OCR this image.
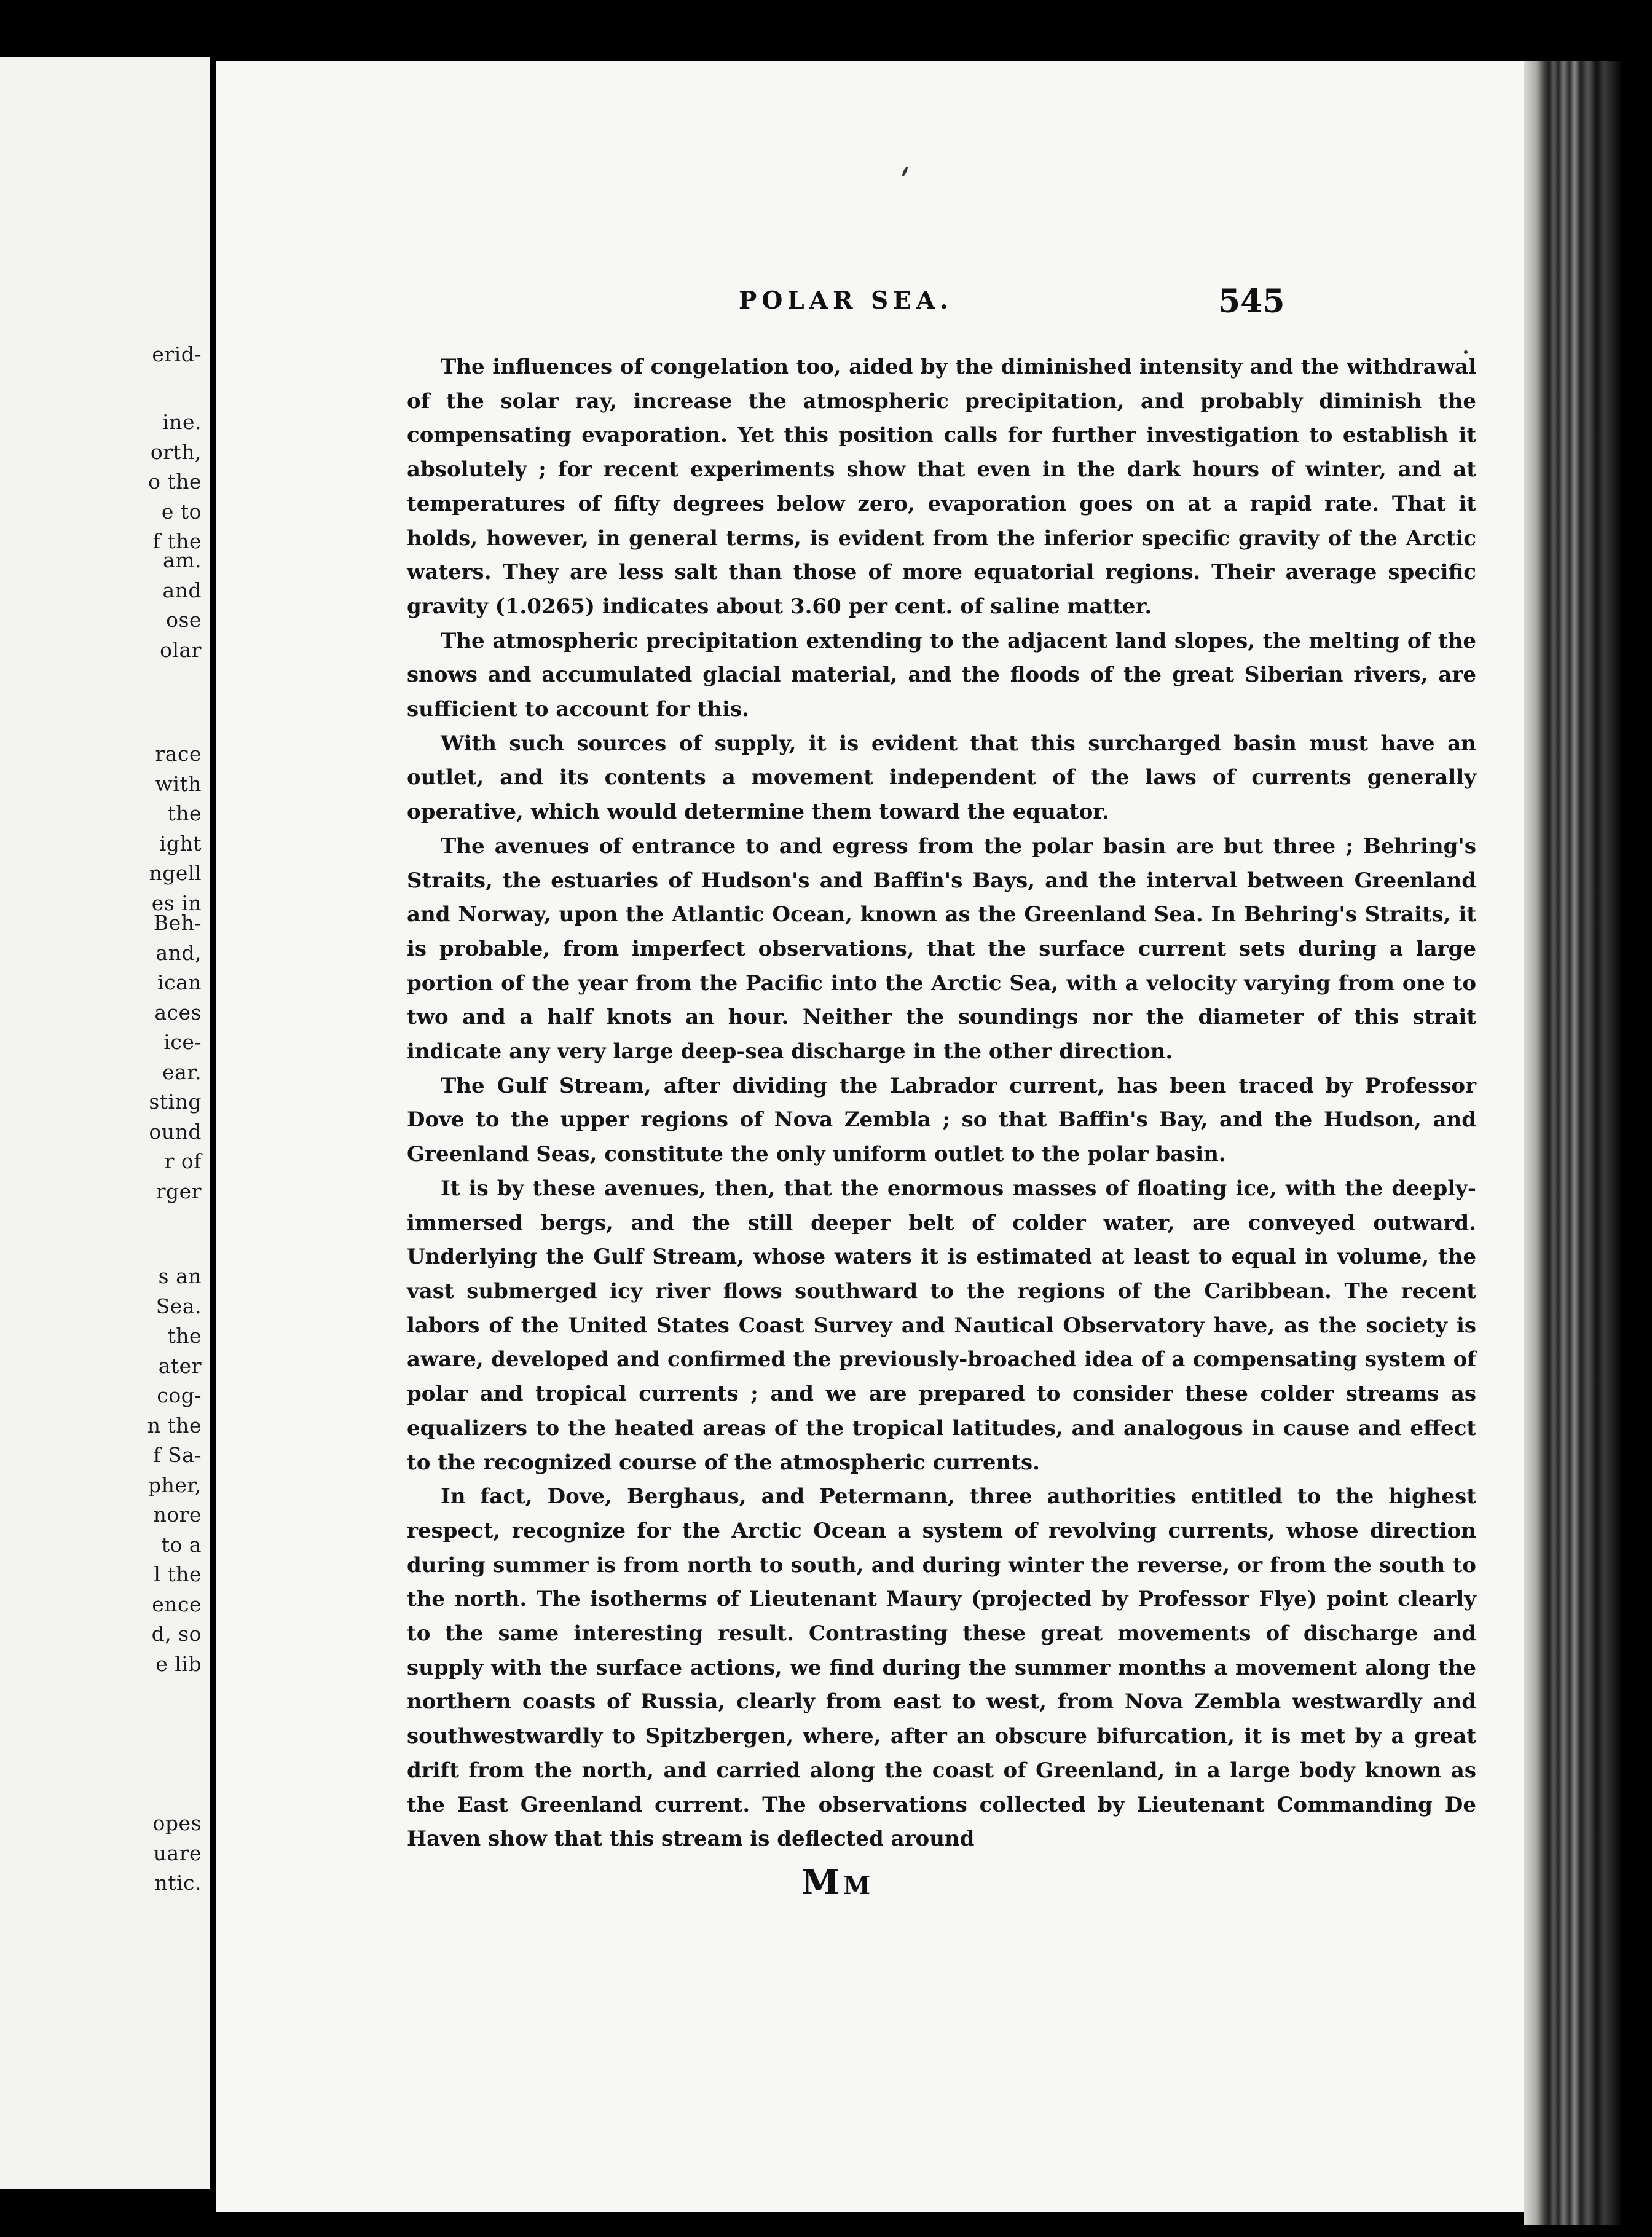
erid-
ine.
orth,
o the
e to
f the
am.
and
ose
olar
race
with
the
ight
ngell
es in
Beh-
and,
ican
aces
ice-
ear.
sting
ound
r of
rger
s an
Sea.
the
ater
cog-
n the
f Sa-
pher,
nore
to a
l the
ence
d, so
e lib
opes
uare
ntic.
POLAR SEA.	545

The influences of congelation too, aided by the diminished intensity and the withdrawal of the solar ray, increase the atmospheric precipitation, and probably diminish the compensating evaporation. Yet this position calls for further investigation to establish it absolutely ; for recent experiments show that even in the dark hours of winter, and at temperatures of fifty degrees below zero, evaporation goes on at a rapid rate. That it holds, however, in general terms, is evident from the inferior specific gravity of the Arctic waters. They are less salt than those of more equatorial regions. Their average specific gravity (1.0265) indicates about 3.60 per cent. of saline matter.

The atmospheric precipitation extending to the adjacent land slopes, the melting of the snows and accumulated glacial material, and the floods of the great Siberian rivers, are sufficient to account for this.

With such sources of supply, it is evident that this surcharged basin must have an outlet, and its contents a movement independent of the laws of currents generally operative, which would determine them toward the equator.

The avenues of entrance to and egress from the polar basin are but three ; Behring's Straits, the estuaries of Hudson's and Baffin's Bays, and the interval between Greenland and Norway, upon the Atlantic Ocean, known as the Greenland Sea. In Behring's Straits, it is probable, from imperfect observations, that the surface current sets during a large portion of the year from the Pacific into the Arctic Sea, with a velocity varying from one to two and a half knots an hour. Neither the soundings nor the diameter of this strait indicate any very large deep-sea discharge in the other direction.

The Gulf Stream, after dividing the Labrador current, has been traced by Professor Dove to the upper regions of Nova Zembla ; so that Baffin's Bay, and the Hudson, and Greenland Seas, constitute the only uniform outlet to the polar basin.

It is by these avenues, then, that the enormous masses of floating ice, with the deeply-immersed bergs, and the still deeper belt of colder water, are conveyed outward. Underlying the Gulf Stream, whose waters it is estimated at least to equal in volume, the vast submerged icy river flows southward to the regions of the Caribbean. The recent labors of the United States Coast Survey and Nautical Observatory have, as the society is aware, developed and confirmed the previously-broached idea of a compensating system of polar and tropical currents ; and we are prepared to consider these colder streams as equalizers to the heated areas of the tropical latitudes, and analogous in cause and effect to the recognized course of the atmospheric currents.

In fact, Dove, Berghaus, and Petermann, three authorities entitled to the highest respect, recognize for the Arctic Ocean a system of revolving currents, whose direction during summer is from north to south, and during winter the reverse, or from the south to the north. The isotherms of Lieutenant Maury (projected by Professor Flye) point clearly to the same interesting result. Contrasting these great movements of discharge and supply with the surface actions, we find during the summer months a movement along the northern coasts of Russia, clearly from east to west, from Nova Zembla westwardly and southwestwardly to Spitzbergen, where, after an obscure bifurcation, it is met by a great drift from the north, and carried along the coast of Greenland, in a large body known as the East Greenland current. The observations collected by Lieutenant Commanding De Haven show that this stream is deflected around

MM
